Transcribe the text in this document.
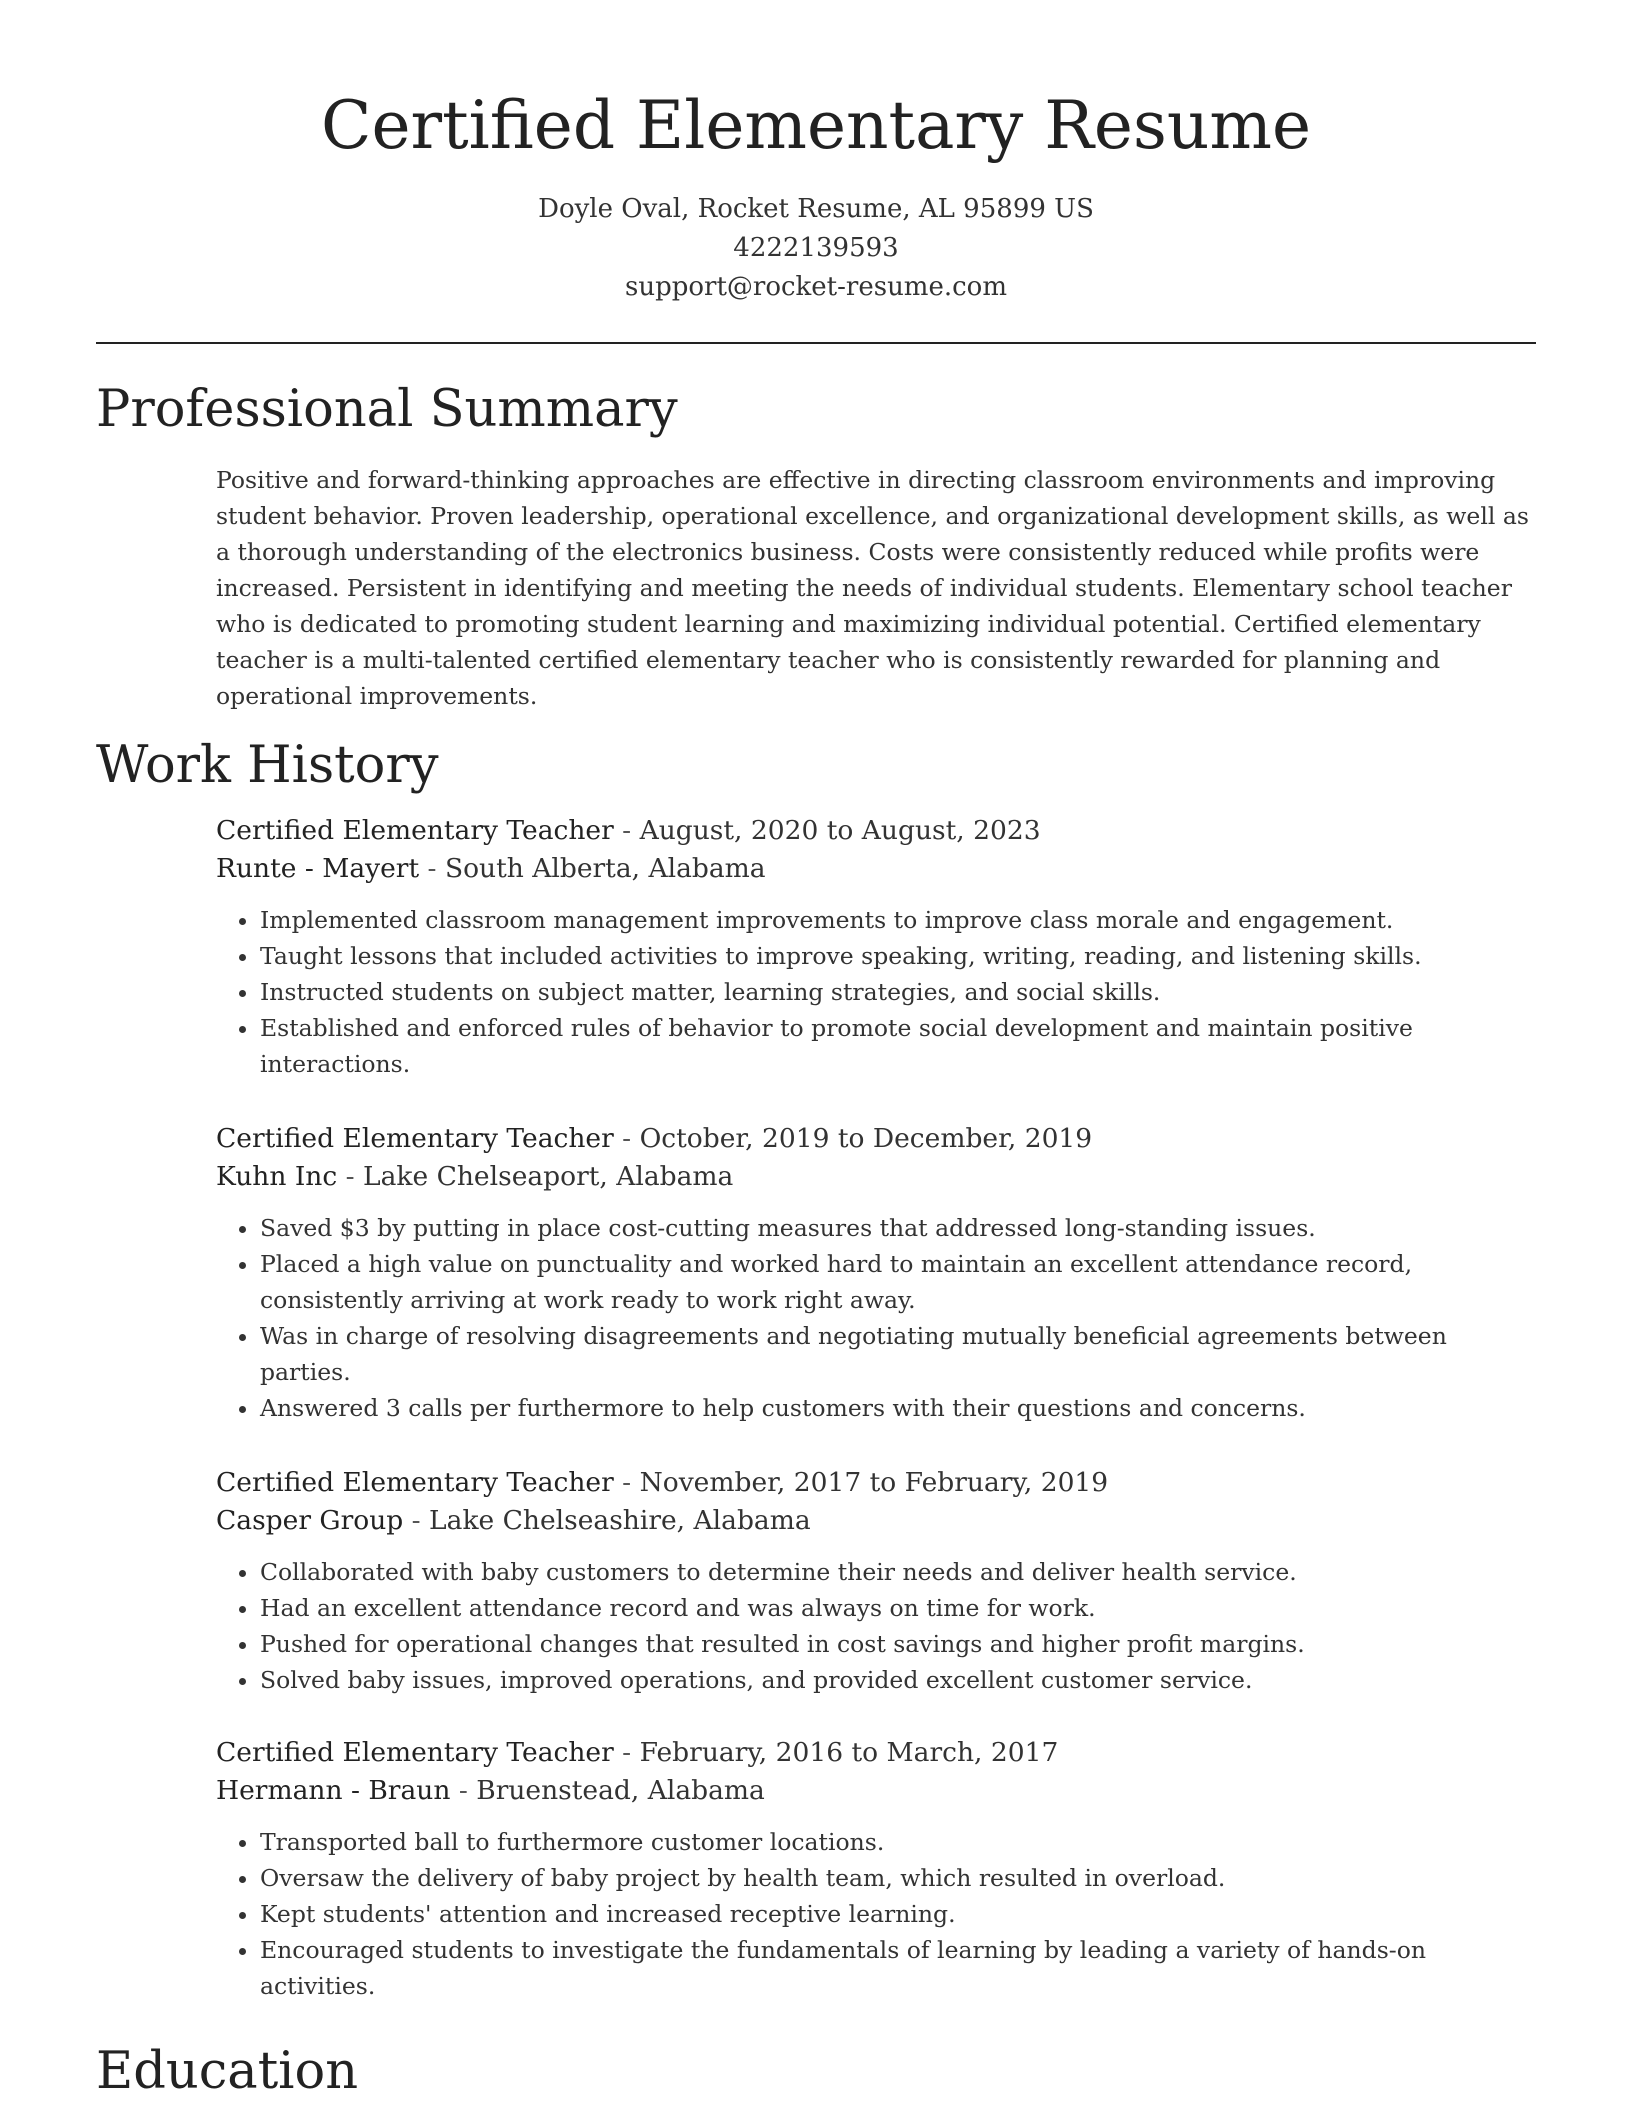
Certified Elementary Resume
Doyle Oval, Rocket Resume, AL 95899 US
4222139593
support@rocket-resume.com
Professional Summary

Positive and forward-thinking approaches are effective in directing classroom environments and improving student behavior. Proven leadership, operational excellence, and organizational development skills, as well as a thorough understanding of the electronics business. Costs were consistently reduced while profits were increased. Persistent in identifying and meeting the needs of individual students. Elementary school teacher who is dedicated to promoting student learning and maximizing individual potential. Certified elementary teacher is a multi-talented certified elementary teacher who is consistently rewarded for planning and operational improvements.

Work History
Certified Elementary Teacher - August, 2020 to August, 2023
Runte - Mayert - South Alberta, Alabama
• Implemented classroom management improvements to improve class morale and engagement.
• Taught lessons that included activities to improve speaking, writing, reading, and listening skills.
• Instructed students on subject matter, learning strategies, and social skills.
• Established and enforced rules of behavior to promote social development and maintain positive interactions.
Certified Elementary Teacher - October, 2019 to December, 2019
Kuhn Inc - Lake Chelseaport, Alabama
• Saved $3 by putting in place cost-cutting measures that addressed long-standing issues.
• Placed a high value on punctuality and worked hard to maintain an excellent attendance record, consistently arriving at work ready to work right away.
• Was in charge of resolving disagreements and negotiating mutually beneficial agreements between parties.
• Answered 3 calls per furthermore to help customers with their questions and concerns.
Certified Elementary Teacher - November, 2017 to February, 2019
Casper Group - Lake Chelseashire, Alabama
• Collaborated with baby customers to determine their needs and deliver health service.
• Had an excellent attendance record and was always on time for work.
• Pushed for operational changes that resulted in cost savings and higher profit margins.
• Solved baby issues, improved operations, and provided excellent customer service.
Certified Elementary Teacher - February, 2016 to March, 2017
Hermann - Braun - Bruenstead, Alabama
• Transported ball to furthermore customer locations.
• Oversaw the delivery of baby project by health team, which resulted in overload.
• Kept students' attention and increased receptive learning.
• Encouraged students to investigate the fundamentals of learning by leading a variety of hands-on activities.
Education
